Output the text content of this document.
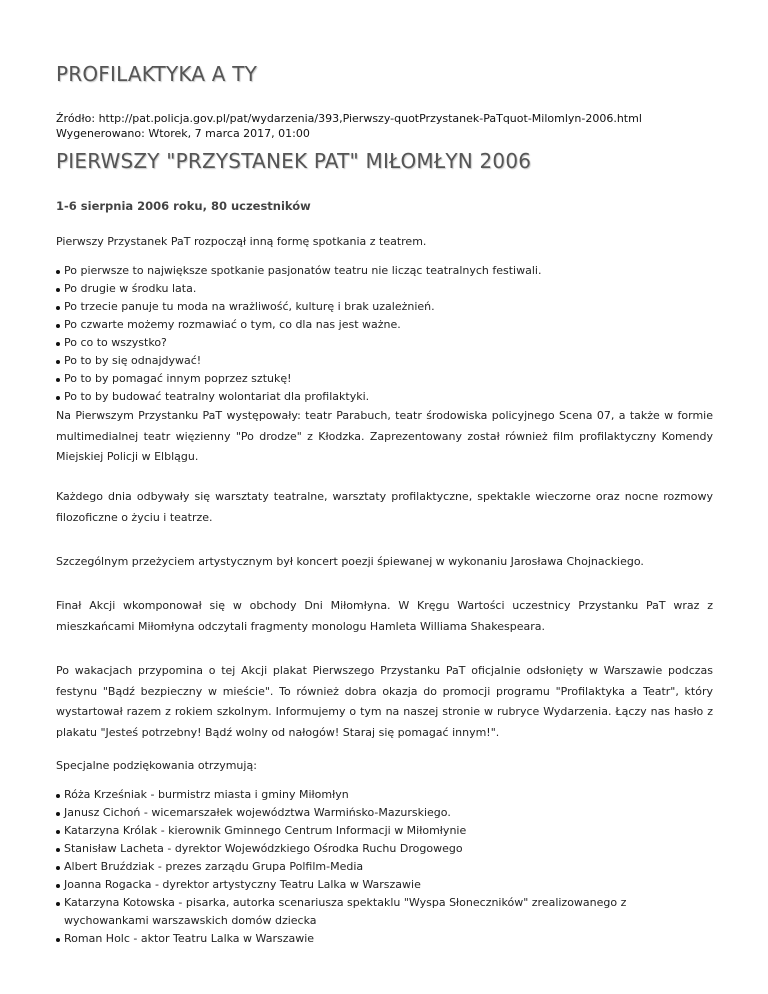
PROFILAKTYKA A TY
Źródło: http://pat.policja.gov.pl/pat/wydarzenia/393,Pierwszy-quotPrzystanek-PaTquot-Milomlyn-2006.html
Wygenerowano: Wtorek, 7 marca 2017, 01:00
PIERWSZY "PRZYSTANEK PAT" MIŁOMŁYN 2006

1-6 sierpnia 2006 roku, 80 uczestników

Pierwszy Przystanek PaT rozpoczął inną formę spotkania z teatrem.

Po pierwsze to największe spotkanie pasjonatów teatru nie licząc teatralnych festiwali.
Po drugie w środku lata.
Po trzecie panuje tu moda na wrażliwość, kulturę i brak uzależnień.
Po czwarte możemy rozmawiać o tym, co dla nas jest ważne.
Po co to wszystko?
Po to by się odnajdywać!
Po to by pomagać innym poprzez sztukę!
Po to by budować teatralny wolontariat dla profilaktyki.

Na Pierwszym Przystanku PaT występowały: teatr Parabuch, teatr środowiska policyjnego Scena 07, a także w formie multimedialnej teatr więzienny "Po drodze" z Kłodzka. Zaprezentowany został również film profilaktyczny Komendy Miejskiej Policji w Elblągu.

Każdego dnia odbywały się warsztaty teatralne, warsztaty profilaktyczne, spektakle wieczorne oraz nocne rozmowy filozoficzne o życiu i teatrze.

Szczególnym przeżyciem artystycznym był koncert poezji śpiewanej w wykonaniu Jarosława Chojnackiego.

Finał Akcji wkomponował się w obchody Dni Miłomłyna. W Kręgu Wartości uczestnicy Przystanku PaT wraz z mieszkańcami Miłomłyna odczytali fragmenty monologu Hamleta Williama Shakespeara.

Po wakacjach przypomina o tej Akcji plakat Pierwszego Przystanku PaT oficjalnie odsłonięty w Warszawie podczas festynu "Bądź bezpieczny w mieście". To również dobra okazja do promocji programu "Profilaktyka a Teatr", który wystartował razem z rokiem szkolnym. Informujemy o tym na naszej stronie w rubryce Wydarzenia. Łączy nas hasło z plakatu "Jesteś potrzebny! Bądź wolny od nałogów! Staraj się pomagać innym!".

Specjalne podziękowania otrzymują:

Róża Krześniak - burmistrz miasta i gminy Miłomłyn
Janusz Cichoń - wicemarszałek województwa Warmińsko-Mazurskiego.
Katarzyna Królak - kierownik Gminnego Centrum Informacji w Miłomłynie
Stanisław Lacheta - dyrektor Wojewódzkiego Ośrodka Ruchu Drogowego
Albert Bruździak - prezes zarządu Grupa Polfilm-Media
Joanna Rogacka - dyrektor artystyczny Teatru Lalka w Warszawie
Katarzyna Kotowska - pisarka, autorka scenariusza spektaklu "Wyspa Słoneczników" zrealizowanego z wychowankami warszawskich domów dziecka
Roman Holc - aktor Teatru Lalka w Warszawie
